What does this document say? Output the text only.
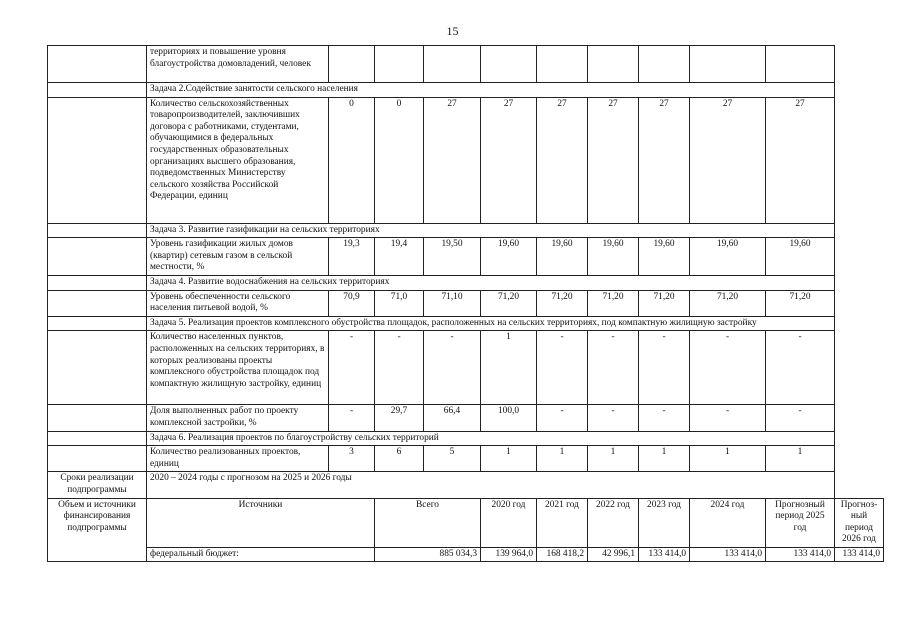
15
	территориях и повышение уровня благоустройства домовладений, человек										
	Задача 2.Содействие занятости сельского населения										
	Количество сельскохозяйственных товаропроизводителей, заключивших договора с работниками, студентами, обучающимися в федеральных государственных образовательных организациях высшего образования, подведомственных Министерству сельского хозяйства Российской Федерации, единиц	0	0	27	27	27	27	27	27	27	
	Задача 3. Развитие газификации на сельских территориях										
	Уровень газификации жилых домов (квартир) сетевым газом в сельской местности, %	19,3	19,4	19,50	19,60	19,60	19,60	19,60	19,60	19,60	
	Задача 4. Развитие водоснабжения на сельских территориях										
	Уровень обеспеченности сельского населения питьевой водой, %	70,9	71,0	71,10	71,20	71,20	71,20	71,20	71,20	71,20	
	Задача 5. Реализация проектов комплексного обустройства площадок, расположенных на сельских территориях, под компактную жилищную застройку										
	Количество населенных пунктов, расположенных на сельских территориях, в которых реализованы проекты комплексного обустройства площадок под компактную жилищную застройку, единиц	-	-	-	1	-	-	-	-	-	
	Доля выполненных работ по проекту комплексной застройки, %	-	29,7	66,4	100,0	-	-	-	-	-	
	Задача 6. Реализация проектов по благоустройству сельских территорий										
	Количество реализованных проектов, единиц	3	6	5	1	1	1	1	1	1	
Сроки реализации подпрограммы	2020 – 2024 годы с прогнозом на 2025 и 2026 годы										
Объем и источники финансирования подпрограммы	Источники		Всего		2020 год	2021 год	2022 год	2023 год	2024 год	Прогнозный период 2025 год	Прогноз-ный период 2026 год
	федеральный бюджет:		885 034,3		139 964,0	168 418,2	42 996,1	133 414,0	133 414,0	133 414,0	133 414,0
